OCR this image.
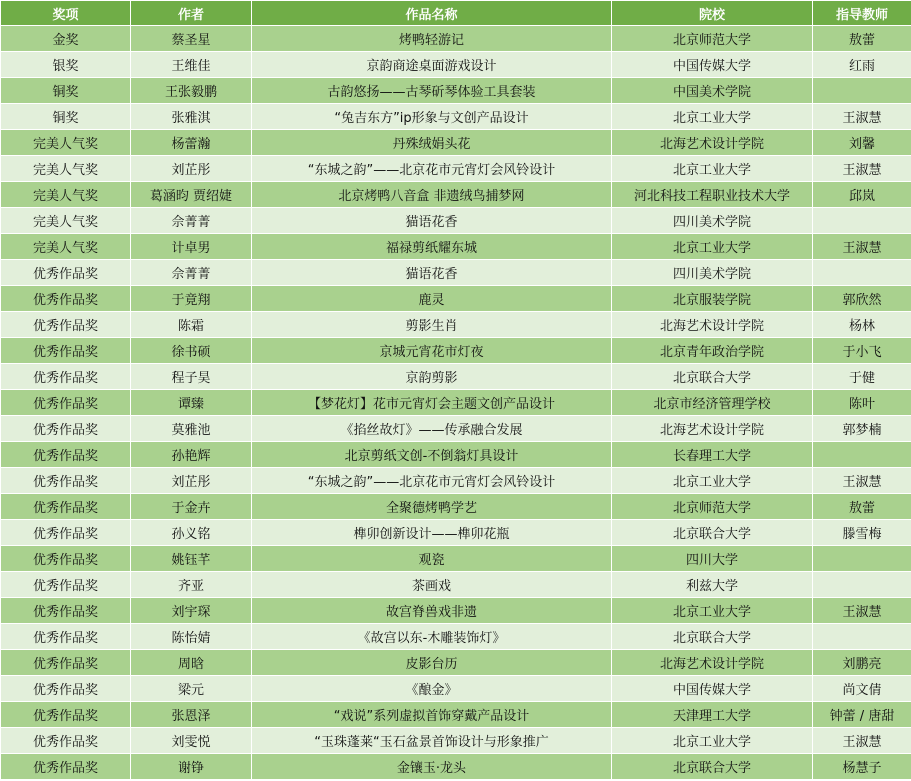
奖项	作者	作品名称	院校	指导教师
金奖	蔡圣星	烤鸭轻游记	北京师范大学	敖蕾
银奖	王维佳	京韵商途桌面游戏设计	中国传媒大学	红雨
铜奖	王张毅鹏	古韵悠扬——古琴斫琴体验工具套装	中国美术学院	
铜奖	张雅淇	“兔吉东方”ip形象与文创产品设计	北京工业大学	王淑慧
完美人气奖	杨蕾瀚	丹殊绒娟头花	北海艺术设计学院	刘馨
完美人气奖	刘芷彤	“东城之韵”——北京花市元宵灯会风铃设计	北京工业大学	王淑慧
完美人气奖	葛涵昀 贾绍婕	北京烤鸭八音盒 非遗绒鸟捕梦网	河北科技工程职业技术大学	邱岚
完美人气奖	佘菁菁	猫语花香	四川美术学院	
完美人气奖	计卓男	福禄剪纸耀东城	北京工业大学	王淑慧
优秀作品奖	佘菁菁	猫语花香	四川美术学院	
优秀作品奖	于竟翔	鹿灵	北京服装学院	郭欣然
优秀作品奖	陈霜	剪影生肖	北海艺术设计学院	杨林
优秀作品奖	徐书硕	京城元宵花市灯夜	北京青年政治学院	于小飞
优秀作品奖	程子昊	京韵剪影	北京联合大学	于健
优秀作品奖	谭臻	【梦花灯】花市元宵灯会主题文创产品设计	北京市经济管理学校	陈叶
优秀作品奖	莫雅池	《掐丝故灯》——传承融合发展	北海艺术设计学院	郭梦楠
优秀作品奖	孙艳辉	北京剪纸文创-不倒翁灯具设计	长春理工大学	
优秀作品奖	刘芷彤	“东城之韵”——北京花市元宵灯会风铃设计	北京工业大学	王淑慧
优秀作品奖	于金卉	全聚德烤鸭学艺	北京师范大学	敖蕾
优秀作品奖	孙义铭	榫卯创新设计——榫卯花瓶	北京联合大学	滕雪梅
优秀作品奖	姚钰芊	观瓷	四川大学	
优秀作品奖	齐亚	茶画戏	利兹大学	
优秀作品奖	刘宇琛	故宫脊兽戏非遗	北京工业大学	王淑慧
优秀作品奖	陈怡婧	《故宫以东-木雕装饰灯》	北京联合大学	
优秀作品奖	周晗	皮影台历	北海艺术设计学院	刘鹏亮
优秀作品奖	梁元	《酿金》	中国传媒大学	尚文倩
优秀作品奖	张恩泽	“戏说”系列虚拟首饰穿戴产品设计	天津理工大学	钟蕾 / 唐甜
优秀作品奖	刘雯悦	“玉珠蓬莱“玉石盆景首饰设计与形象推广	北京工业大学	王淑慧
优秀作品奖	谢铮	金镶玉·龙头	北京联合大学	杨慧子
